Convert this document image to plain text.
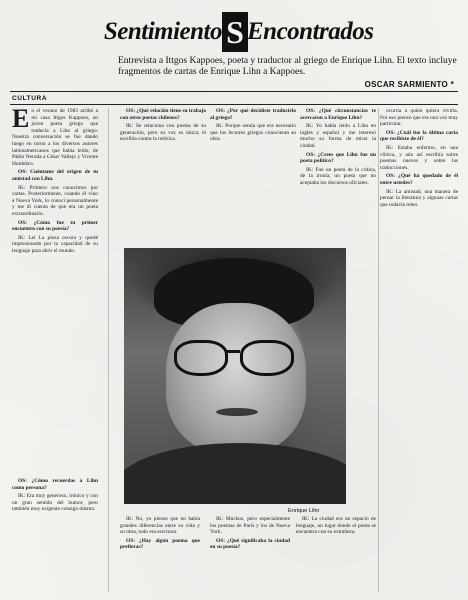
Sentimiento S Encontrados
Entrevista a Ittgos Kappoes, poeta y traductor al griego de Enrique Lihn. El texto incluye fragmentos de cartas de Enrique Lihn a Kappoes.
OSCAR SARMIENTO *
CULTURA

En el verano de 1983 arribó a mi casa Ittgos Kappoes, un joven poeta griego que traducía a Lihn al griego. Nuestra conversación se fue dando luego en torno a los diversos autores latinoamericanos que había leído, de Pablo Neruda a César Vallejo y Vicente Huidobro.

OS: Cuéntame del origen de tu amistad con Lihn.

IK: Primero nos conocimos por cartas. Posteriormente, cuando él vino a Nueva York, lo conocí personalmente y me di cuenta de que era un poeta extraordinario.

OS: ¿Cómo fue tu primer encuentro con su poesía?

IK: Leí La pieza oscura y quedé impresionado por la capacidad de su lenguaje para abrir el mundo.

OS: ¿Cómo recuerdas a Lihn como persona?

IK: Era muy generoso, irónico y con un gran sentido del humor, pero también muy exigente consigo mismo.

OS: ¿Qué relación tiene su trabajo con otros poetas chilenos?

IK: Se relaciona con poetas de su generación, pero su voz es única; él escribía contra la retórica.

OS: ¿Por qué decidiste traducirlo al griego?

IK: Porque sentía que era necesario que los lectores griegos conocieran su obra.

OS: ¿Qué circunstancias te acercaron a Enrique Lihn?

IK: Yo había leído a Lihn en inglés y español y me interesó mucho su forma de mirar la ciudad.

OS: ¿Crees que Lihn fue un poeta político?

IK: Fue un poeta de la crítica, de la ironía; un poeta que no aceptaba los discursos oficiales.

ocurría a quien quiera vivirla. Por eso pienso que era una voz muy particular.

OS: ¿Cuál fue la última carta que recibiste de él?

IK: Estaba enfermo, en una clínica, y aún así escribía sobre poemas nuevos y sobre las traducciones.

OS: ¿Qué ha quedado de él entre ustedes?

IK: La amistad, una manera de pensar la literatura y algunas cartas que todavía releo.

Enrique Lihn

IK: No, yo pienso que no había grandes diferencias entre su vida y su obra, todo era escritura.

OS: ¿Hay algún poema que prefieras?

IK: Muchos, pero especialmente los poemas de París y los de Nueva York.

OS: ¿Qué significaba la ciudad en su poesía?

IK: La ciudad era un espacio de lenguaje, un lugar donde el poeta se encuentra con su extrañeza.
